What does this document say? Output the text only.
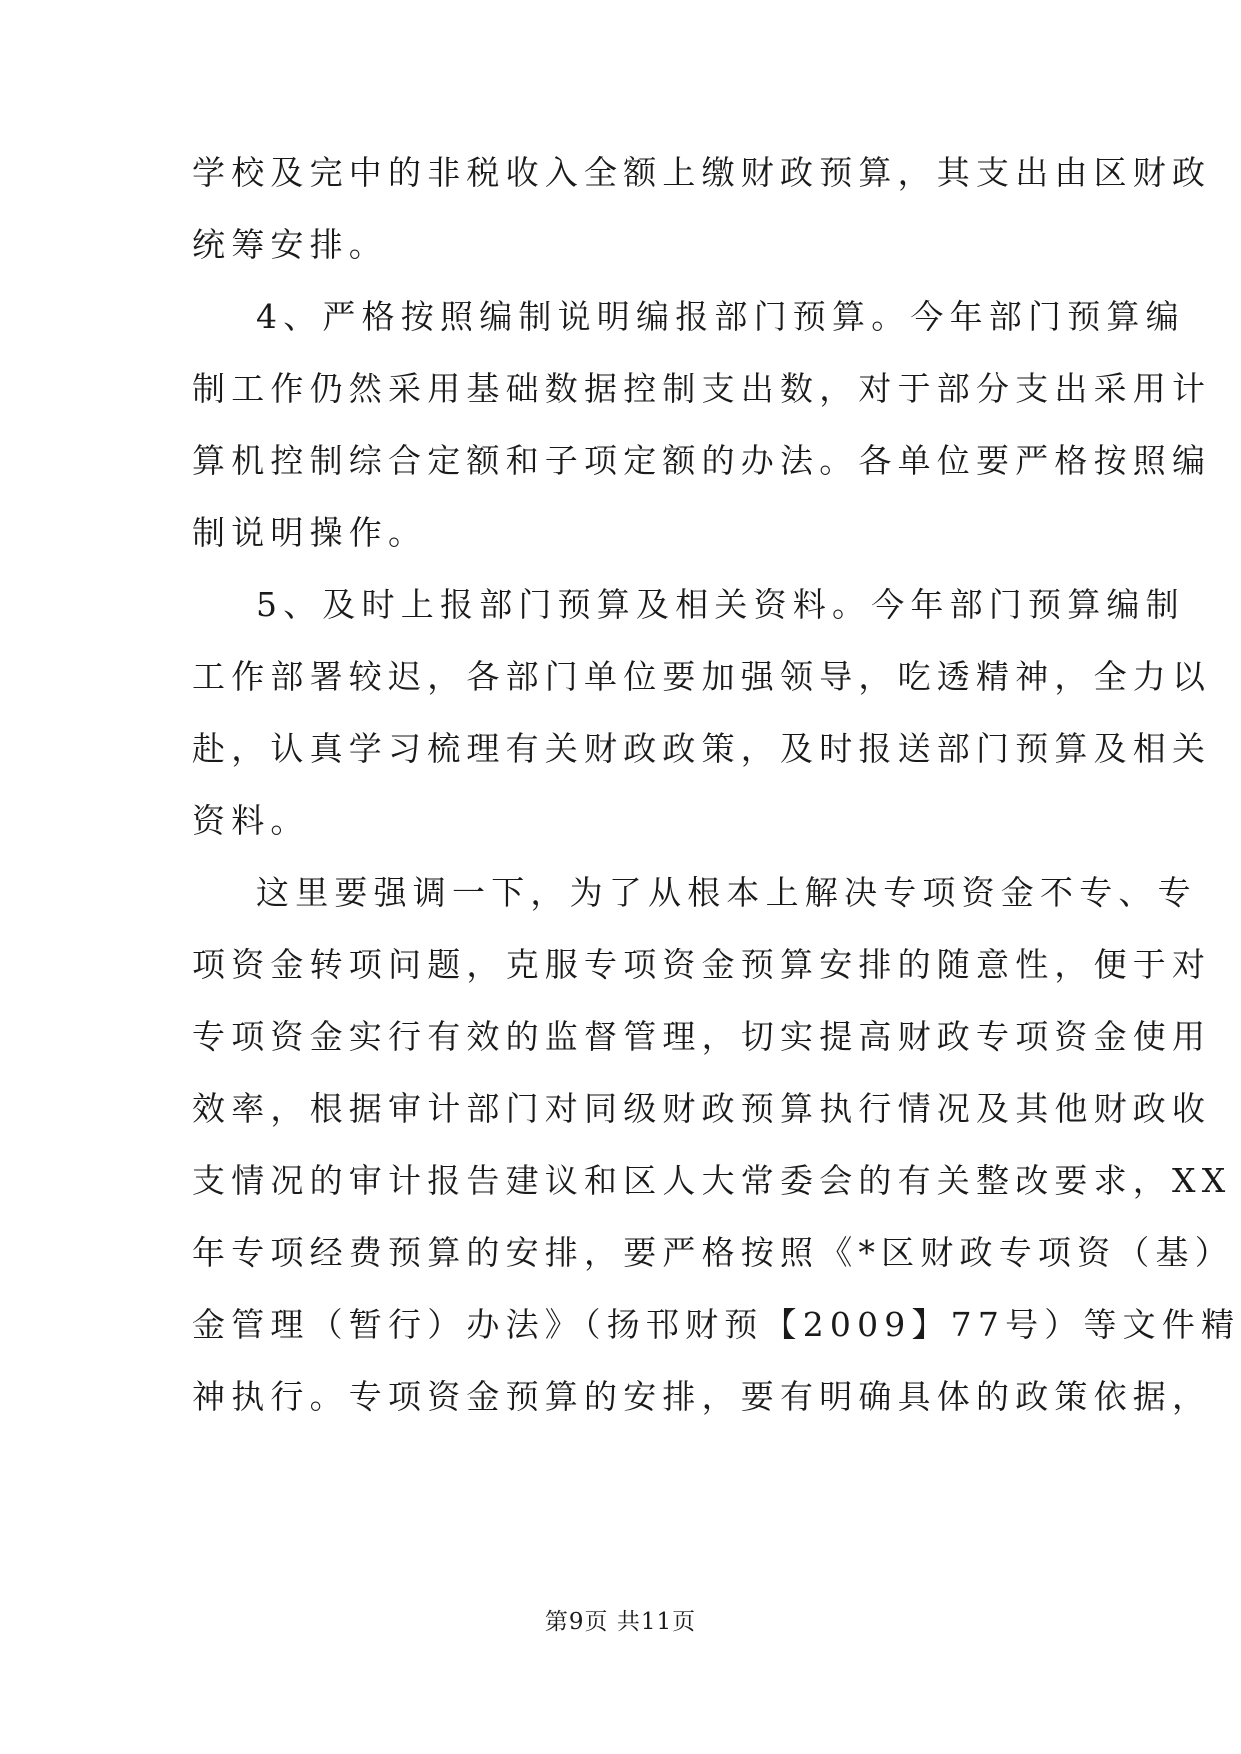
学校及完中的非税收入全额上缴财政预算，其支出由区财政
统筹安排。
4、严格按照编制说明编报部门预算。今年部门预算编
制工作仍然采用基础数据控制支出数，对于部分支出采用计
算机控制综合定额和子项定额的办法。各单位要严格按照编
制说明操作。
5、及时上报部门预算及相关资料。今年部门预算编制
工作部署较迟，各部门单位要加强领导，吃透精神，全力以
赴，认真学习梳理有关财政政策，及时报送部门预算及相关
资料。
这里要强调一下，为了从根本上解决专项资金不专、专
项资金转项问题，克服专项资金预算安排的随意性，便于对
专项资金实行有效的监督管理，切实提高财政专项资金使用
效率，根据审计部门对同级财政预算执行情况及其他财政收
支情况的审计报告建议和区人大常委会的有关整改要求，XX
年专项经费预算的安排，要严格按照《*区财政专项资（基）
金管理（暂行）办法》（扬邗财预【2009】77号）等文件精
神执行。专项资金预算的安排，要有明确具体的政策依据，
第9页 共11页
